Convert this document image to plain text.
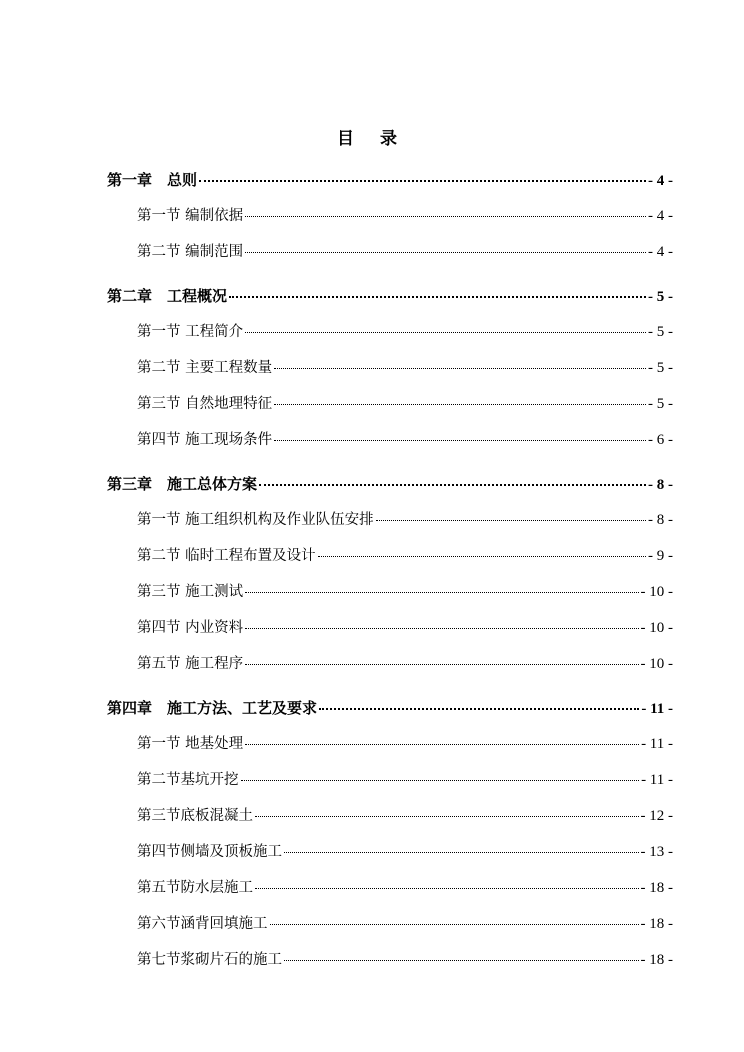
目 录
第一章　总则	- 4 -
第一节 编制依据	- 4 -
第二节 编制范围	- 4 -
第二章　工程概况	- 5 -
第一节 工程简介	- 5 -
第二节 主要工程数量	- 5 -
第三节 自然地理特征	- 5 -
第四节 施工现场条件	- 6 -
第三章　施工总体方案	- 8 -
第一节 施工组织机构及作业队伍安排	- 8 -
第二节 临时工程布置及设计	- 9 -
第三节 施工测试	- 10 -
第四节 内业资料	- 10 -
第五节 施工程序	- 10 -
第四章　施工方法、工艺及要求	- 11 -
第一节 地基处理	- 11 -
第二节基坑开挖	- 11 -
第三节底板混凝土	- 12 -
第四节侧墙及顶板施工	- 13 -
第五节防水层施工	- 18 -
第六节涵背回填施工	- 18 -
第七节浆砌片石的施工	- 18 -
